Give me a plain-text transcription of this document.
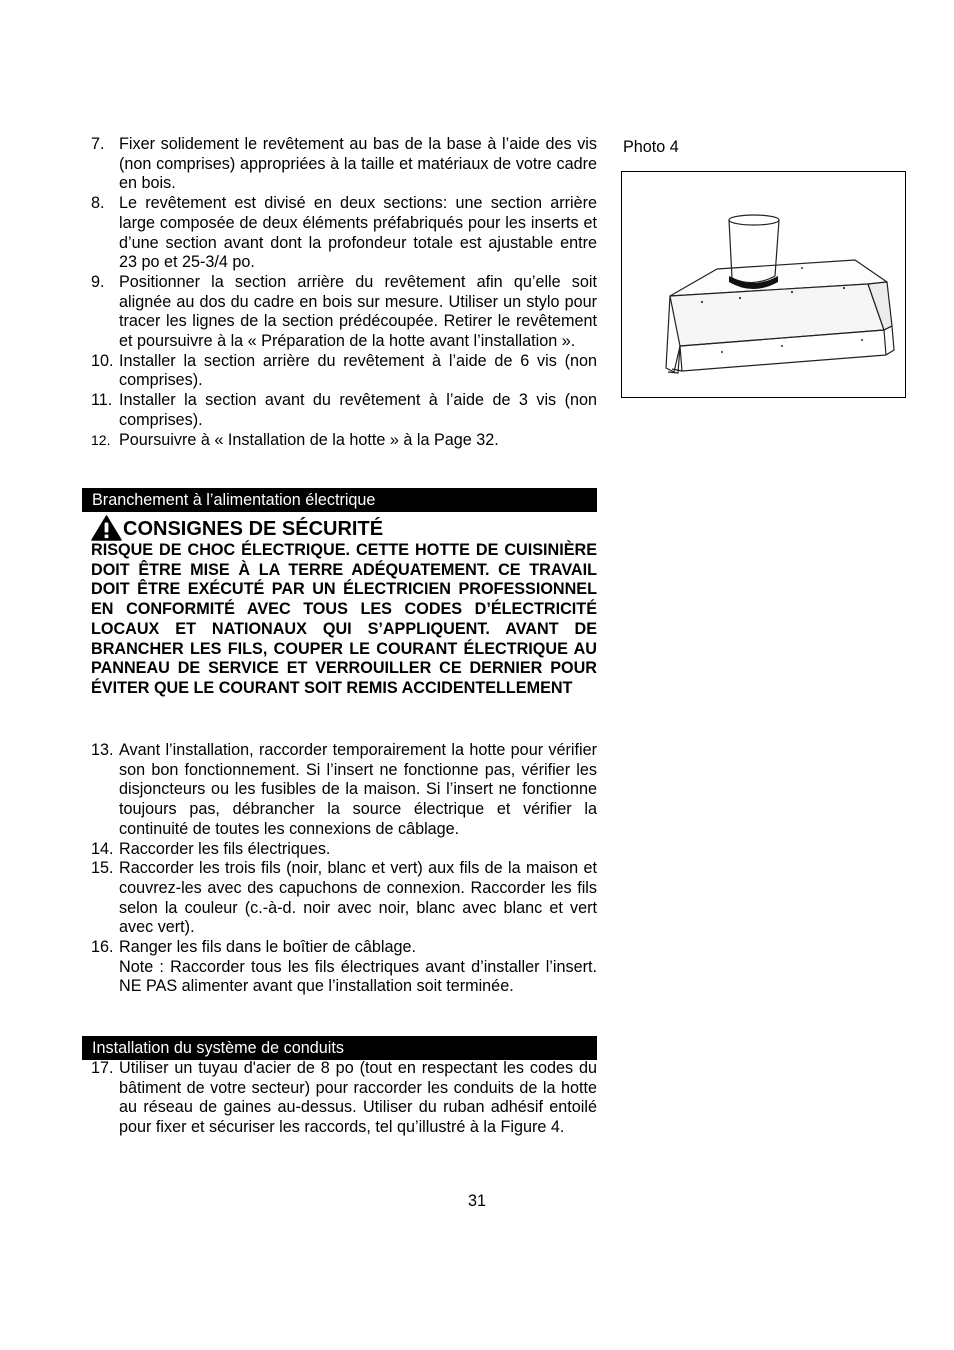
7. Fixer solidement le revêtement au bas de la base à l’aide des vis (non comprises) appropriées à la taille et matériaux de votre cadre en bois.
8. Le revêtement est divisé en deux sections: une section arrière large composée de deux éléments préfabriqués pour les inserts et d’une section avant dont la profondeur totale est ajustable entre 23 po et 25-3/4 po.
9. Positionner la section arrière du revêtement afin qu’elle soit alignée au dos du cadre en bois sur mesure. Utiliser un stylo pour tracer les lignes de la section prédécoupée. Retirer le revêtement et poursuivre à la « Préparation de la hotte avant l’installation ».
10. Installer la section arrière du revêtement à l’aide de 6 vis (non comprises).
11. Installer la section avant du revêtement à l’aide de 3 vis (non comprises).
12. Poursuivre à « Installation de la hotte » à la Page 32.
Branchement à l’alimentation électrique
CONSIGNES DE SÉCURITÉ
RISQUE DE CHOC ÉLECTRIQUE. CETTE HOTTE DE CUISINIÈRE DOIT ÊTRE MISE À LA TERRE ADÉQUATEMENT. CE TRAVAIL DOIT ÊTRE EXÉCUTÉ PAR UN ÉLECTRICIEN PROFESSIONNEL EN CONFORMITÉ AVEC TOUS LES CODES D’ÉLECTRICITÉ LOCAUX ET NATIONAUX QUI S’APPLIQUENT. AVANT DE BRANCHER LES FILS, COUPER LE COURANT ÉLECTRIQUE AU PANNEAU DE SERVICE ET VERROUILLER CE DERNIER POUR ÉVITER QUE LE COURANT SOIT REMIS ACCIDENTELLEMENT
13. Avant l’installation, raccorder temporairement la hotte pour vérifier son bon fonctionnement. Si l’insert ne fonctionne pas, vérifier les disjoncteurs ou les fusibles de la maison. Si l’insert ne fonctionne toujours pas, débrancher la source électrique et vérifier la continuité de toutes les connexions de câblage.
14. Raccorder les fils électriques.
15. Raccorder les trois fils (noir, blanc et vert) aux fils de la maison et couvrez-les avec des capuchons de connexion. Raccorder les fils selon la couleur (c.-à-d. noir avec noir, blanc avec blanc et vert avec vert).
16. Ranger les fils dans le boîtier de câblage.
Note : Raccorder tous les fils électriques avant d’installer l’insert. NE PAS alimenter avant que l’installation soit terminée.
Installation du système de conduits
17. Utiliser un tuyau d'acier de 8 po (tout en respectant les codes du bâtiment de votre secteur) pour raccorder les conduits de la hotte au réseau de gaines au-dessus. Utiliser du ruban adhésif entoilé pour fixer et sécuriser les raccords, tel qu’illustré à la Figure 4.
Photo 4
31
